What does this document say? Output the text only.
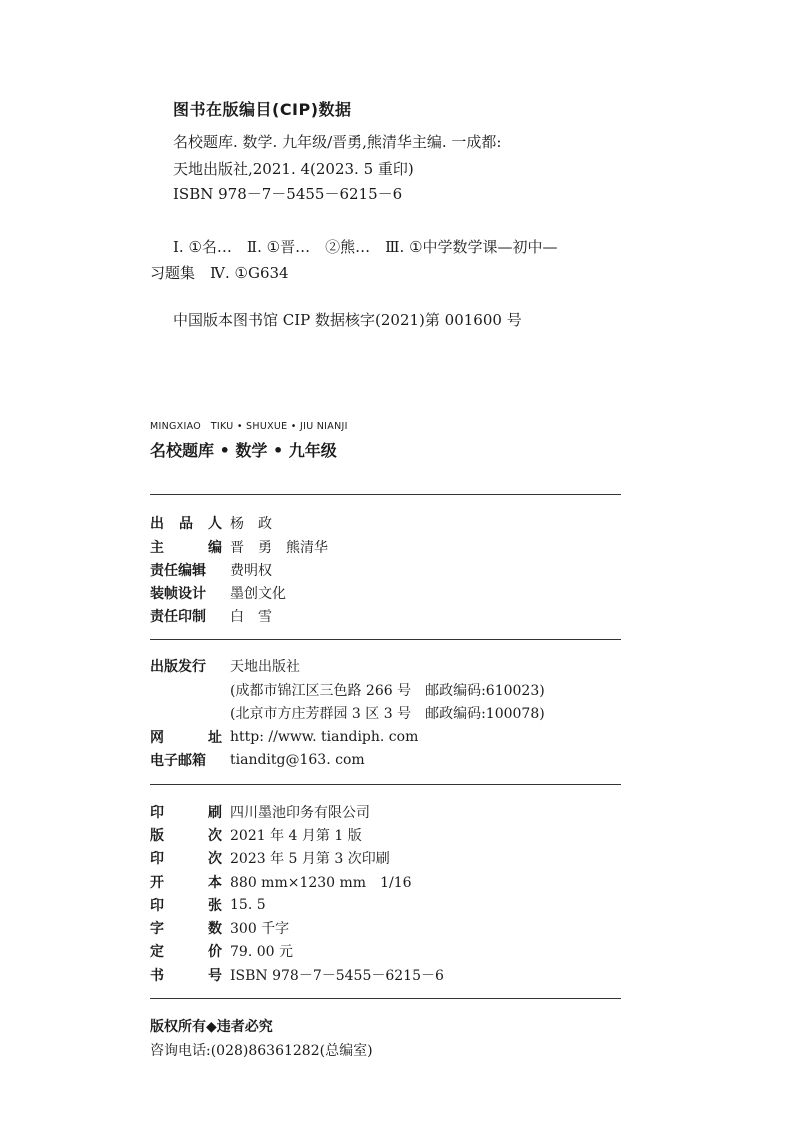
图书在版编目(CIP)数据
名校题库. 数学. 九年级/晋勇,熊清华主编. 一成都:
天地出版社,2021. 4(2023. 5 重印)
ISBN 978－7－5455－6215－6
Ⅰ. ①名…　Ⅱ. ①晋…　②熊…　Ⅲ. ①中学数学课—初中—
习题集　Ⅳ. ①G634
中国版本图书馆 CIP 数据核字(2021)第 001600 号
MINGXIAO　TIKU • SHUXUE • JIU NIANJI
名校题库 • 数学 • 九年级
出 品 人 杨　政
主	编 晋　勇　熊清华
责任编辑	费明权
装帧设计	墨创文化
责任印制	白　雪
出版发行	天地出版社
(成都市锦江区三色路 266 号　邮政编码:610023)
(北京市方庄芳群园 3 区 3 号　邮政编码:100078)
网	址 http: //www. tiandiph. com
电子邮箱	tianditg@163. com
印	刷 四川墨池印务有限公司
版	次 2021 年 4 月第 1 版
印	次 2023 年 5 月第 3 次印刷
开	本 880 mm×1230 mm　1/16
印	张 15. 5
字	数 300 千字
定	价 79. 00 元
书	号 ISBN 978－7－5455－6215－6
版权所有◆违者必究
咨询电话:(028)86361282(总编室)
